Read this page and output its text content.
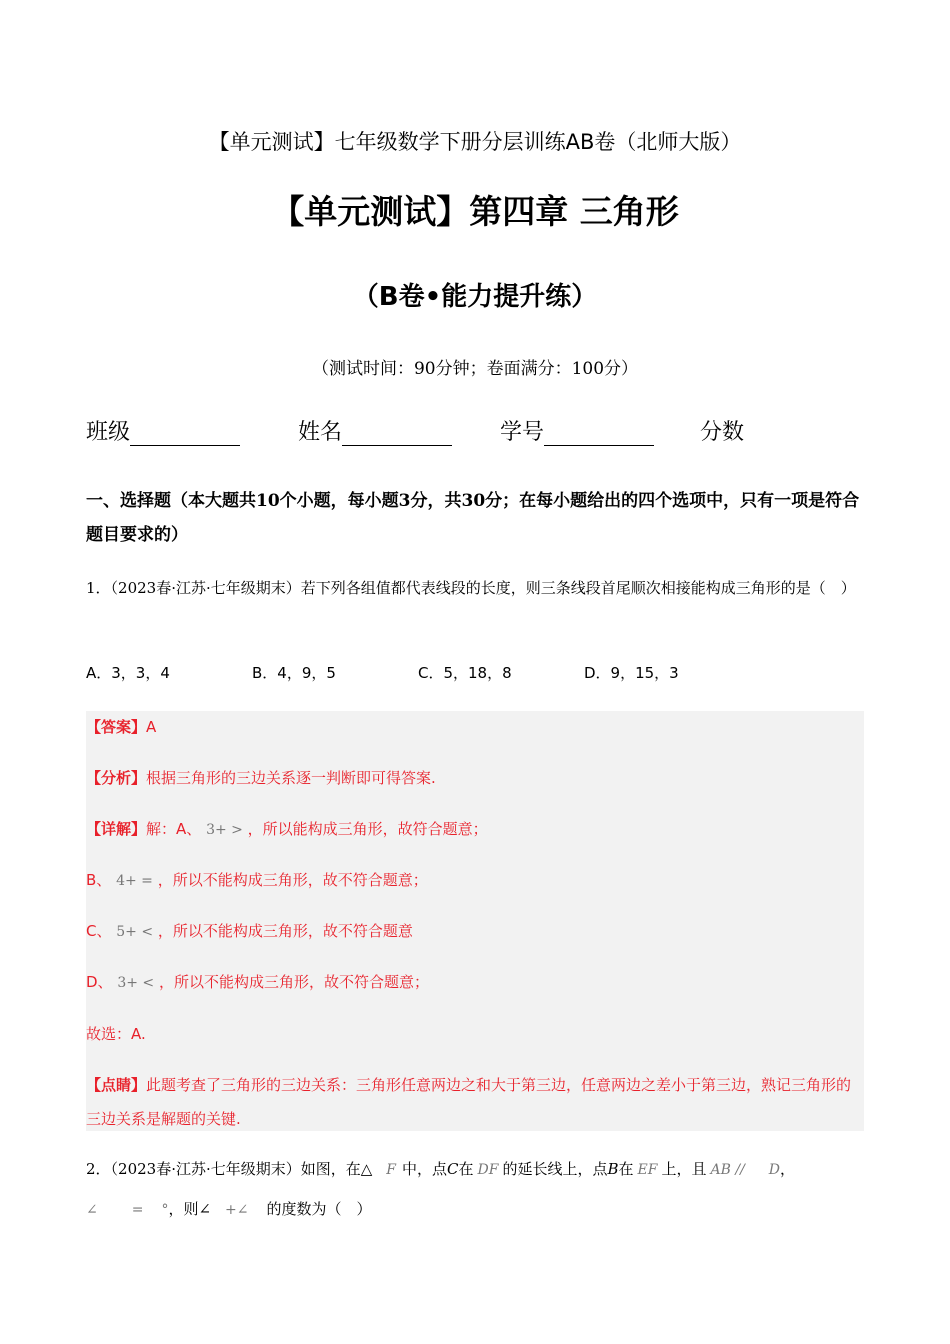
【单元测试】七年级数学下册分层训练AB卷（北师大版）
【单元测试】第四章 三角形
（B卷•能力提升练）
（测试时间：90分钟；卷面满分：100分）
班级	姓名	学号	分数
一、选择题（本大题共10个小题，每小题3分，共30分；在每小题给出的四个选项中，只有一项是符合题目要求的）
1．（2023春·江苏·七年级期末）若下列各组值都代表线段的长度，则三条线段首尾顺次相接能构成三角形的是（　）
A．3，3，4	B．4，9，5	C．5，18，8	D．9，15，3
【答案】A
【分析】根据三角形的三边关系逐一判断即可得答案.
【详解】解：A、 3+ > ，所以能构成三角形，故符合题意；
B、 4+ = ，所以不能构成三角形，故不符合题意；
C、 5+ < ，所以不能构成三角形，故不符合题意
D、 3+ < ，所以不能构成三角形，故不符合题意；
故选：A.
【点睛】此题考查了三角形的三边关系：三角形任意两边之和大于第三边，任意两边之差小于第三边，熟记三角形的三边关系是解题的关键.
2．（2023春·江苏·七年级期末）如图，在△ F 中，点C在 DF 的延长线上，点B在 EF 上，且 AB // D，
∠ = °，则∠ +∠ 的度数为（　）
